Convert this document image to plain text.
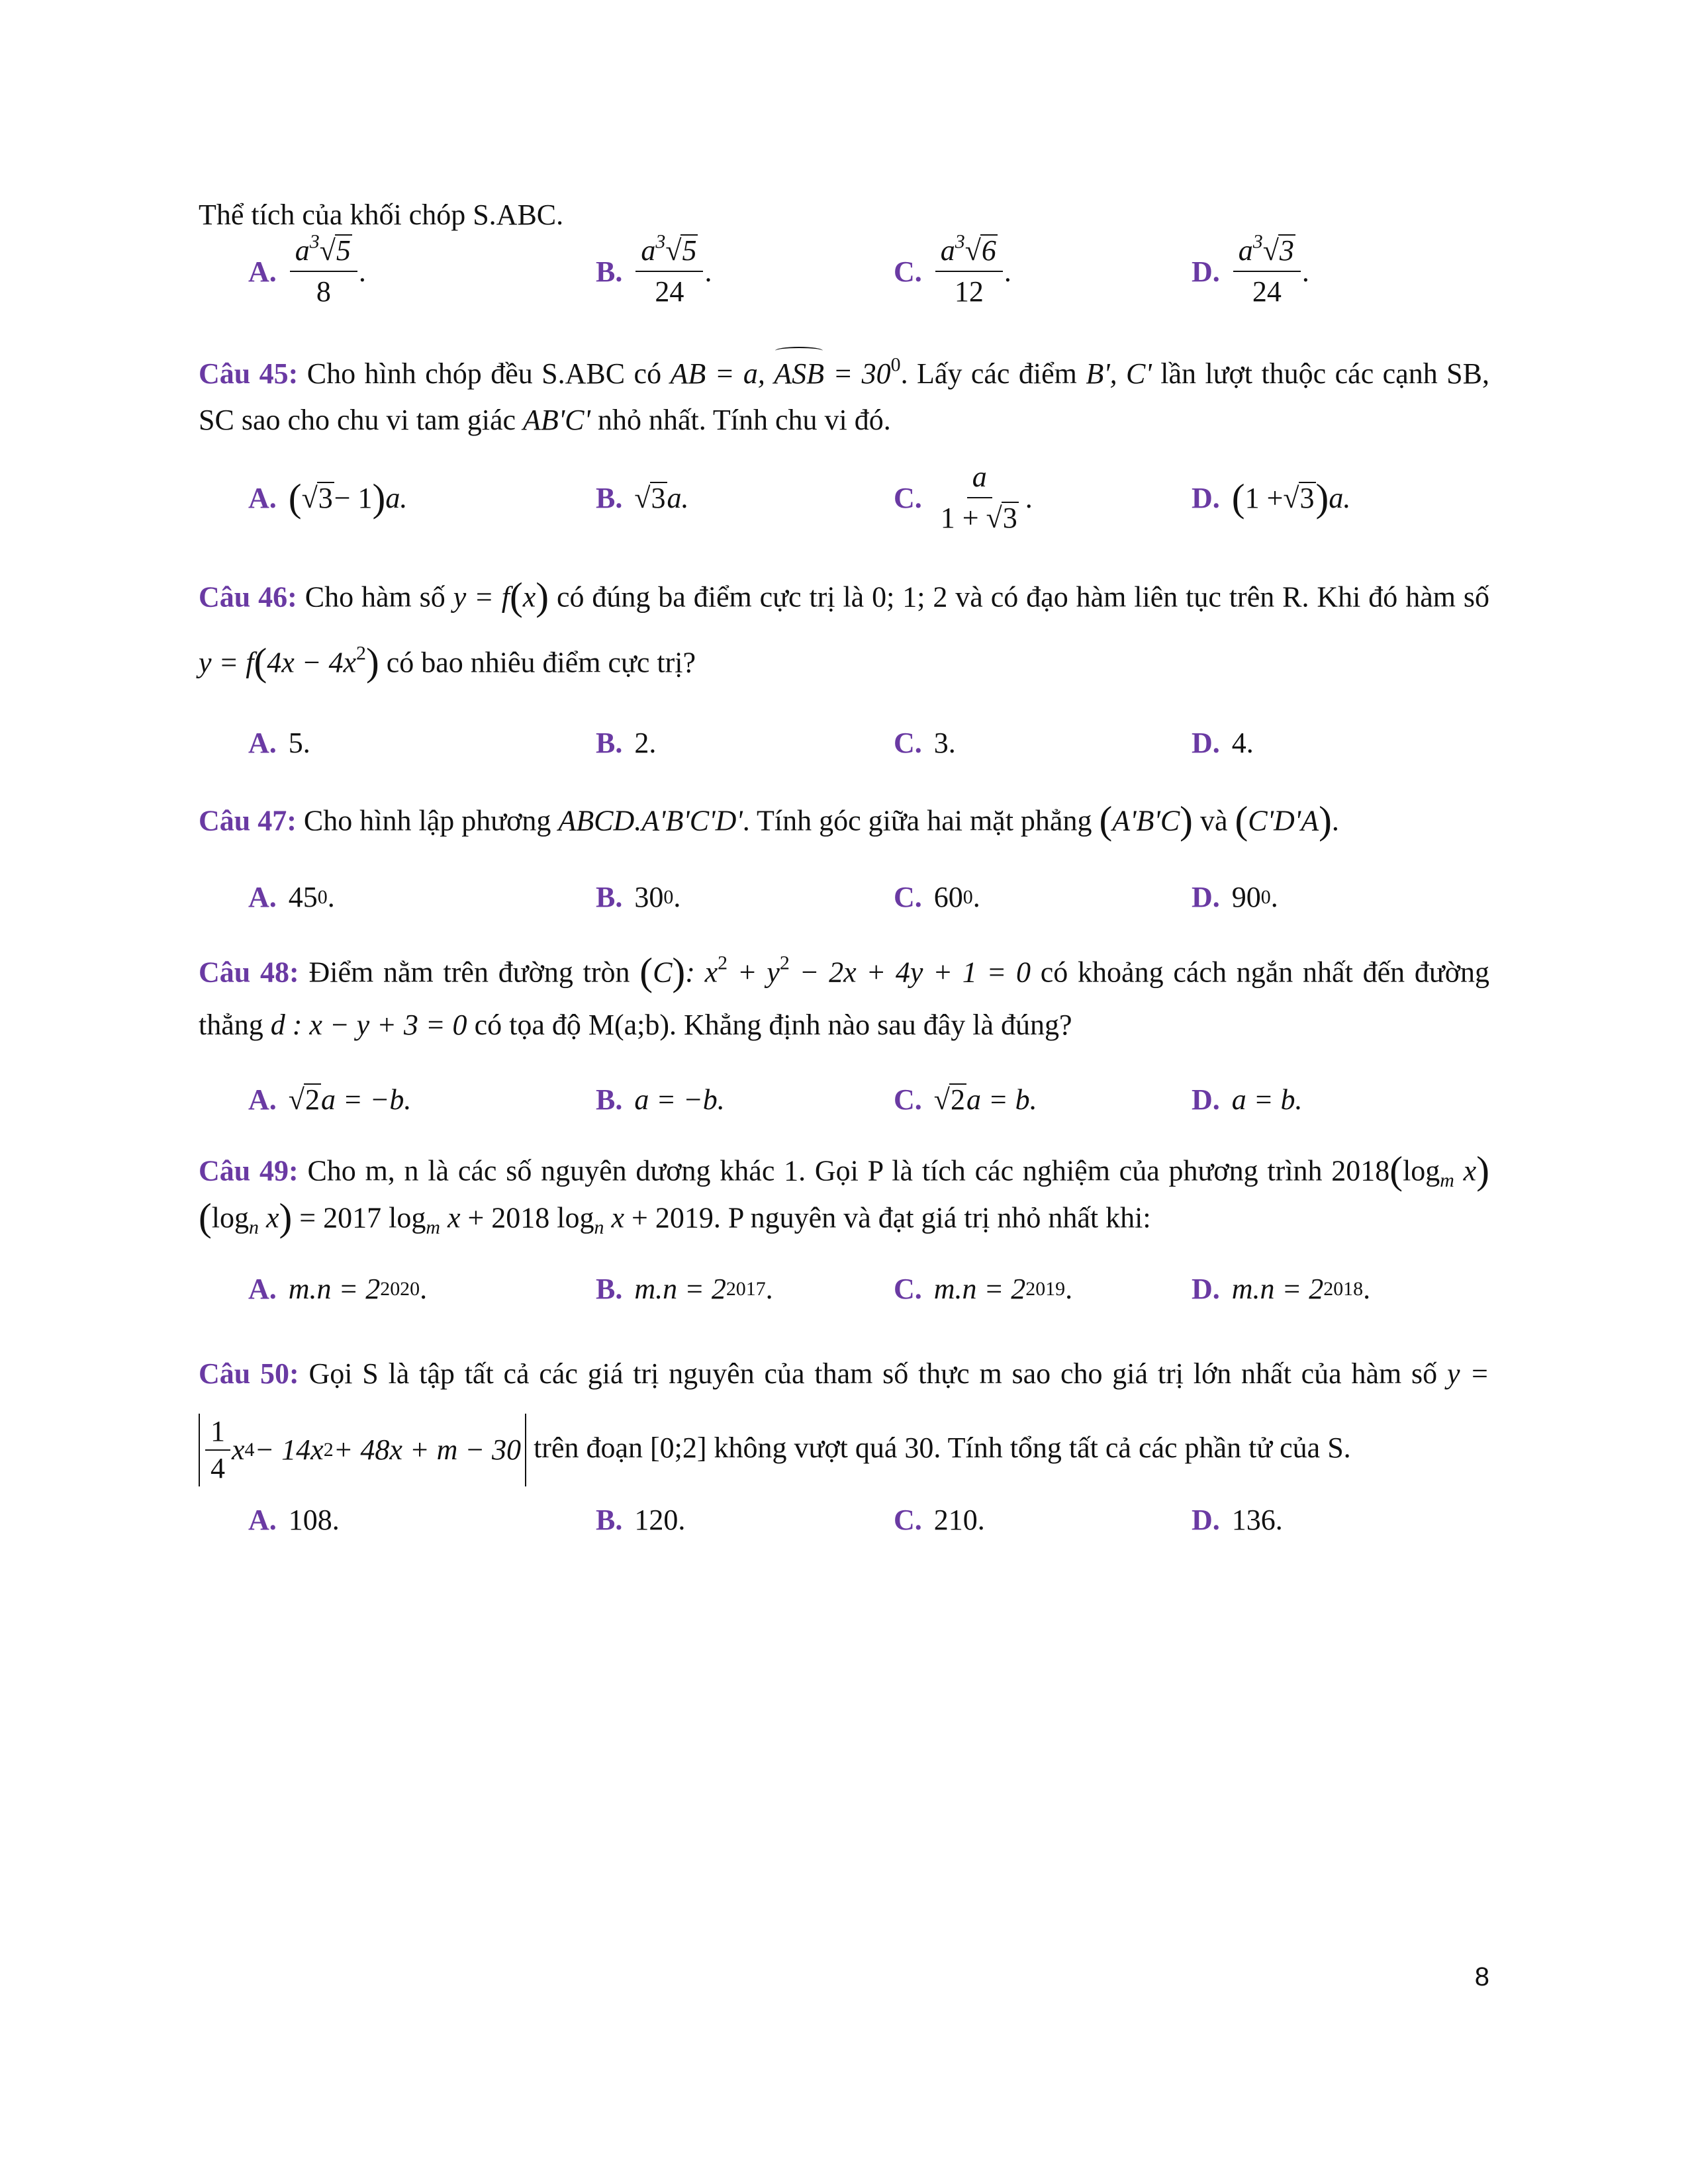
Thể tích của khối chóp S.ABC.

A. $\frac{a^3√5}{8}$ .	B. $\frac{a^3√5}{24}$ .	C. $\frac{a^3√6}{12}$ .	D. $\frac{a^3√3}{24}$ .

Câu 45: Cho hình chóp đều S.ABC có AB = a, ASB = $30^0$. Lấy các điểm B', C' lần lượt thuộc các cạnh SB, SC sao cho chu vi tam giác AB'C' nhỏ nhất. Tính chu vi đó.

A. ( √ 3 − 1 ) a.	B. √ 3 a.	C. $\frac{a}{1 + √3}$ .	D. ( 1 + √ 3 ) a.

Câu 46: Cho hàm số y = f(x) có đúng ba điểm cực trị là 0; 1; 2 và có đạo hàm liên tục trên R. Khi đó hàm số $y = f(4x - 4x^2)$ có bao nhiêu điểm cực trị?

A. 5.	B. 2.	C. 3.	D. 4.

Câu 47: Cho hình lập phương ABCD.A'B'C'D'. Tính góc giữa hai mặt phẳng (A'B'C) và (C'D'A).

A. 45 0 .	B. 30 0 .	C. 60 0 .	D. 90 0 .

Câu 48: Điểm nằm trên đường tròn (C): $x^2 + y^2 - 2x + 4y + 1 = 0$ có khoảng cách ngắn nhất đến đường thẳng d : x − y + 3 = 0 có tọa độ M(a;b). Khẳng định nào sau đây là đúng?

A. √ 2 a = −b.	B. a = −b.	C. √ 2 a = b.	D. a = b.

Câu 49: Cho m, n là các số nguyên dương khác 1. Gọi P là tích các nghiệm của phương trình $2018(\log_m$ $x)(\log_n$ x) = 2017 $\log_m x + 2018$ $\log_n x + 2019$. P nguyên và đạt giá trị nhỏ nhất khi:

A. m.n = 2 2020 .	B. m.n = 2 2017 .	C. m.n = 2 2019 .	D. m.n = 2 2018 .

Câu 50: Gọi S là tập tất cả các giá trị nguyên của tham số thực m sao cho giá trị lớn nhất của hàm số y =
$\frac{1}{4}$ x 4 − 14x 2 + 48x + m − 30 trên đoạn [0;2] không vượt quá 30. Tính tổng tất cả các phần tử của S.

A. 108.	B. 120.	C. 210.	D. 136.
8
